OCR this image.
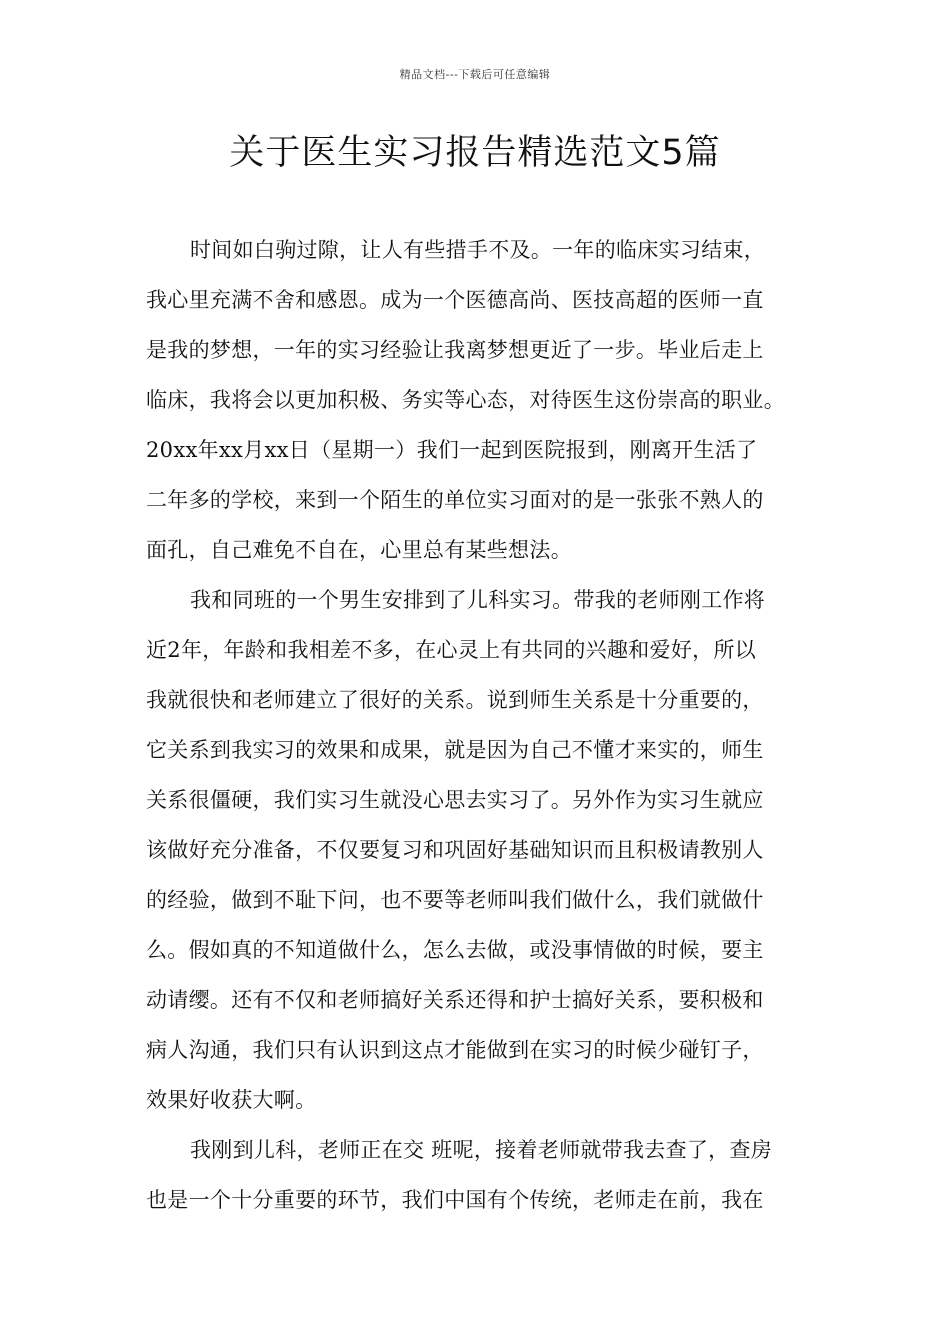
精品文档---下载后可任意编辑
关于医生实习报告精选范文5篇
时间如白驹过隙，让人有些措手不及。一年的临床实习结束，
我心里充满不舍和感恩。成为一个医德高尚、医技高超的医师一直
是我的梦想，一年的实习经验让我离梦想更近了一步。毕业后走上
临床，我将会以更加积极、务实等心态，对待医生这份崇高的职业。
20xx年xx月xx日（星期一）我们一起到医院报到，刚离开生活了
二年多的学校，来到一个陌生的单位实习面对的是一张张不熟人的
面孔，自己难免不自在，心里总有某些想法。
我和同班的一个男生安排到了儿科实习。带我的老师刚工作将
近2年，年龄和我相差不多，在心灵上有共同的兴趣和爱好，所以
我就很快和老师建立了很好的关系。说到师生关系是十分重要的，
它关系到我实习的效果和成果，就是因为自己不懂才来实的，师生
关系很僵硬，我们实习生就没心思去实习了。另外作为实习生就应
该做好充分准备，不仅要复习和巩固好基础知识而且积极请教别人
的经验，做到不耻下问，也不要等老师叫我们做什么，我们就做什
么。假如真的不知道做什么，怎么去做，或没事情做的时候，要主
动请缨。还有不仅和老师搞好关系还得和护士搞好关系，要积极和
病人沟通，我们只有认识到这点才能做到在实习的时候少碰钉子，
效果好收获大啊。
我刚到儿科，老师正在交 班呢，接着老师就带我去查了，查房
也是一个十分重要的环节，我们中国有个传统，老师走在前，我在
